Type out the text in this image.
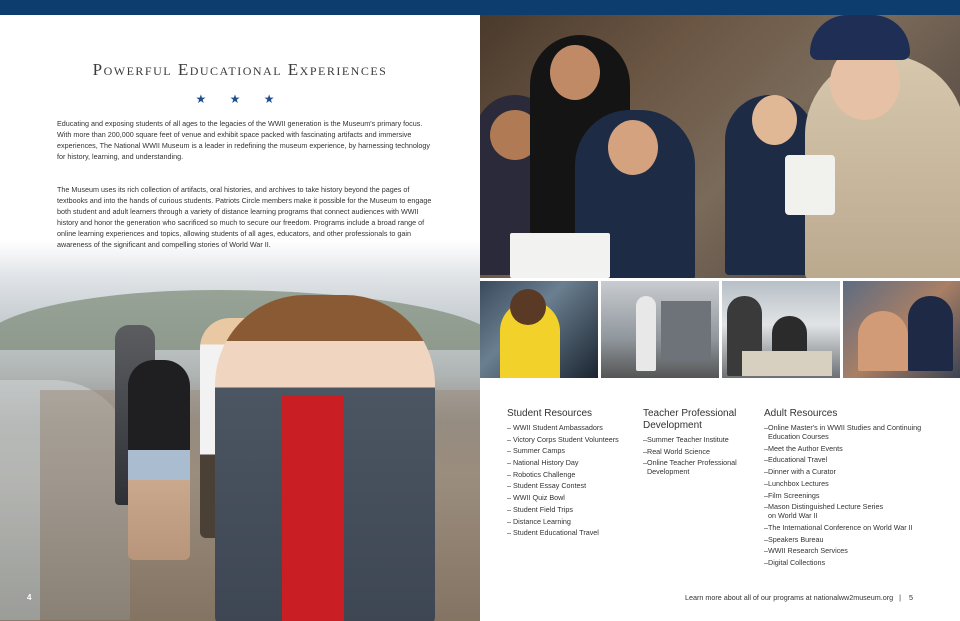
Powerful Educational Experiences
★ ★ ★
Educating and exposing students of all ages to the legacies of the WWII generation is the Museum's primary focus. With more than 200,000 square feet of venue and exhibit space packed with fascinating artifacts and immersive experiences, The National WWII Museum is a leader in redefining the museum experience, by harnessing technology for history, learning, and understanding.
The Museum uses its rich collection of artifacts, oral histories, and archives to take history beyond the pages of textbooks and into the hands of curious students. Patriots Circle members make it possible for the Museum to engage both student and adult learners through a variety of distance learning programs that connect audiences with WWII history and honor the generation who sacrificed so much to secure our freedom. Programs include a broad range of online learning experiences and topics, allowing students of all ages, educators, and other professionals to gain awareness of the significant and compelling stories of World War II.
4
Student Resources
– WWII Student Ambassadors
– Victory Corps Student Volunteers
– Summer Camps
– National History Day
– Robotics Challenge
– Student Essay Contest
– WWII Quiz Bowl
– Student Field Trips
– Distance Learning
– Student Educational Travel
Teacher Professional Development
–Summer Teacher Institute
–Real World Science
–Online Teacher Professional
Development
Adult Resources
–Online Master's in WWII Studies and Continuing
Education Courses
–Meet the Author Events
–Educational Travel
–Dinner with a Curator
–Lunchbox Lectures
–Film Screenings
–Mason Distinguished Lecture Series
on World War II
–The International Conference on World War II
–Speakers Bureau
–WWII Research Services
–Digital Collections
Learn more about all of our programs at nationalww2museum.org   |    5
